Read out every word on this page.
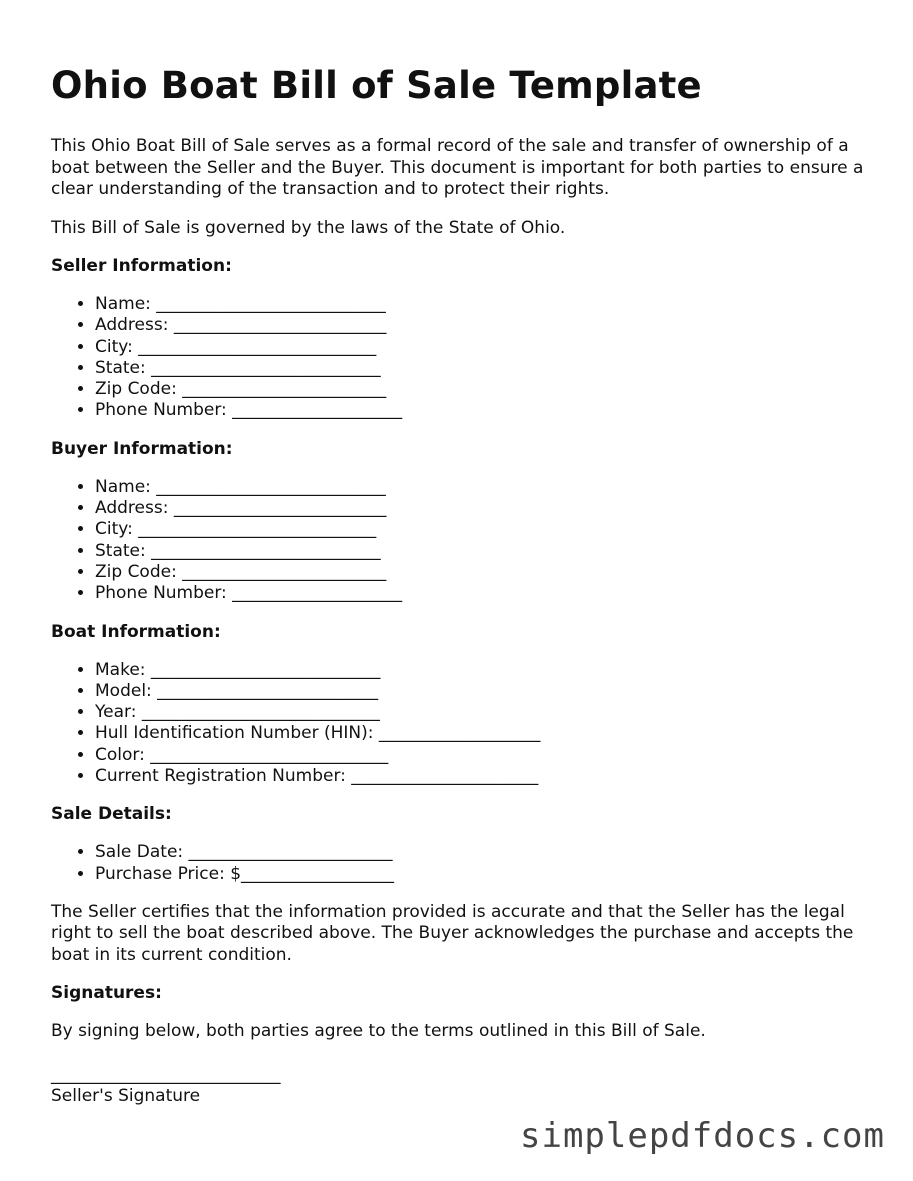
Ohio Boat Bill of Sale Template

This Ohio Boat Bill of Sale serves as a formal record of the sale and transfer of ownership of a boat between the Seller and the Buyer. This document is important for both parties to ensure a clear understanding of the transaction and to protect their rights.

This Bill of Sale is governed by the laws of the State of Ohio.

Seller Information:
• Name: ___________________________
• Address: _________________________
• City: ____________________________
• State: ___________________________
• Zip Code: ________________________
• Phone Number: ____________________
Buyer Information:
• Name: ___________________________
• Address: _________________________
• City: ____________________________
• State: ___________________________
• Zip Code: ________________________
• Phone Number: ____________________
Boat Information:
• Make: ___________________________
• Model: __________________________
• Year: ____________________________
• Hull Identification Number (HIN): ___________________
• Color: ____________________________
• Current Registration Number: ______________________
Sale Details:
• Sale Date: ________________________
• Purchase Price: $__________________

The Seller certifies that the information provided is accurate and that the Seller has the legal right to sell the boat described above. The Buyer acknowledges the purchase and accepts the boat in its current condition.

Signatures:

By signing below, both parties agree to the terms outlined in this Bill of Sale.

___________________________
Seller's Signature
simplepdfdocs.com
